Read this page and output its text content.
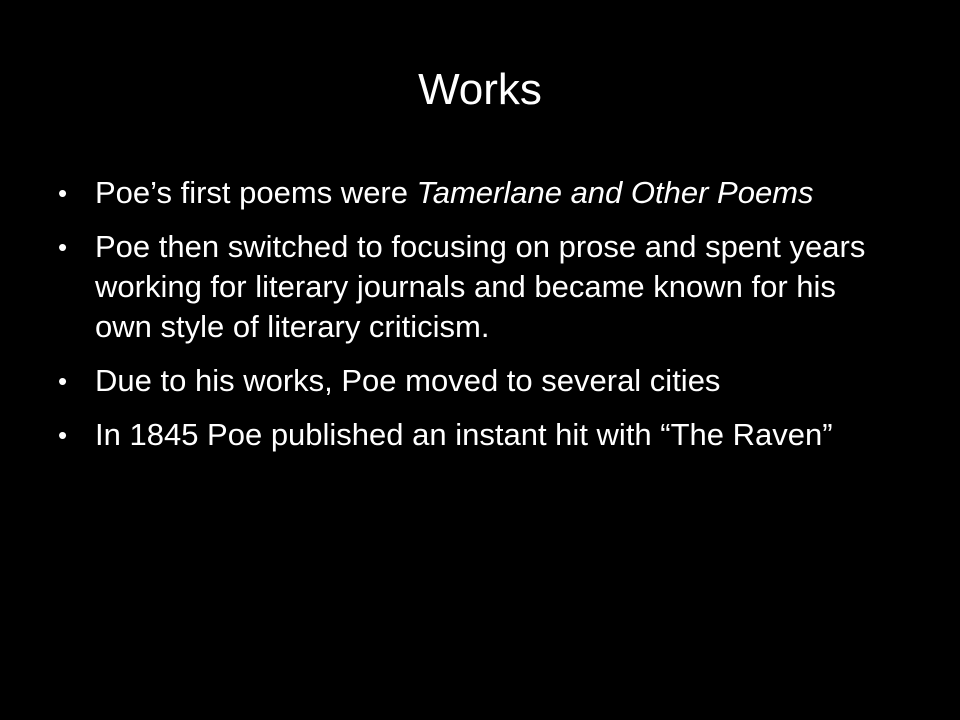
Works
• Poe’s first poems were Tamerlane and Other Poems
• Poe then switched to focusing on prose and spent years working for literary journals and became known for his own style of literary criticism.
• Due to his works, Poe moved to several cities
• In 1845 Poe published an instant hit with “The Raven”
